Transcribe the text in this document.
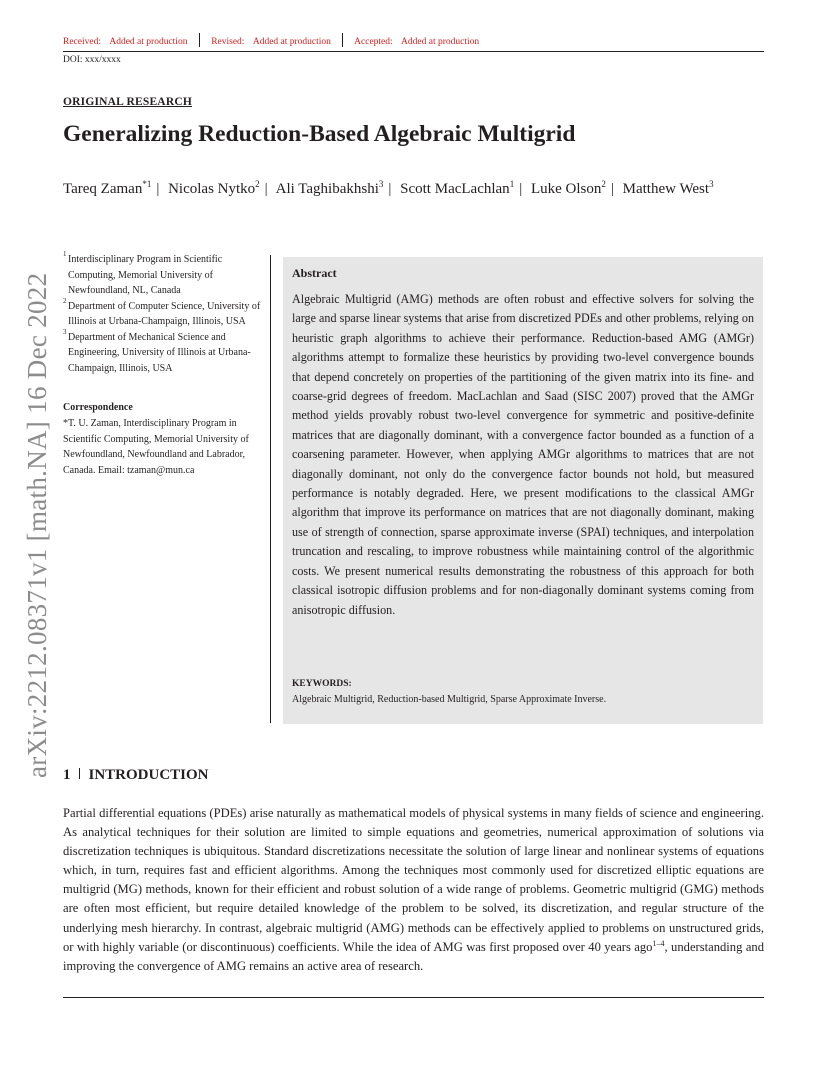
Received: Added at production	Revised: Added at production Accepted: Added at production
DOI: xxx/xxxx
ORIGINAL RESEARCH
Generalizing Reduction-Based Algebraic Multigrid
Tareq Zaman$^{*1}$ | Nicolas Nytko$^2$ | Ali Taghibakhshi$^3$ | Scott MacLachlan$^1$ | Luke Olson$^2$ | Matthew West$^3$
arXiv:2212.08371v1 [math.NA] 16 Dec 2022
1 Interdisciplinary Program in Scientific Computing, Memorial University of Newfoundland, NL, Canada
2 Department of Computer Science, University of Illinois at Urbana-Champaign, Illinois, USA
3 Department of Mechanical Science and Engineering, University of Illinois at Urbana-Champaign, Illinois, USA
Correspondence
*T. U. Zaman, Interdisciplinary Program in Scientific Computing, Memorial University of Newfoundland, Newfoundland and Labrador, Canada. Email: tzaman@mun.ca
Abstract

Algebraic Multigrid (AMG) methods are often robust and effective solvers for solving the large and sparse linear systems that arise from discretized PDEs and other problems, relying on heuristic graph algorithms to achieve their performance. Reduction-based AMG (AMGr) algorithms attempt to formalize these heuristics by providing two-level convergence bounds that depend concretely on properties of the partitioning of the given matrix into its fine- and coarse-grid degrees of freedom. MacLachlan and Saad (SISC 2007) proved that the AMGr method yields provably robust two-level convergence for symmetric and positive-definite matrices that are diagonally dominant, with a convergence factor bounded as a function of a coarsening parameter. However, when applying AMGr algorithms to matrices that are not diagonally dominant, not only do the convergence factor bounds not hold, but measured performance is notably degraded. Here, we present modifications to the classical AMGr algorithm that improve its performance on matrices that are not diagonally dominant, making use of strength of connection, sparse approximate inverse (SPAI) techniques, and interpolation truncation and rescaling, to improve robustness while maintaining control of the algorithmic costs. We present numerical results demonstrating the robustness of this approach for both classical isotropic diffusion problems and for non-diagonally dominant systems coming from anisotropic diffusion.

KEYWORDS:
Algebraic Multigrid, Reduction-based Multigrid, Sparse Approximate Inverse.
1 INTRODUCTION

Partial differential equations (PDEs) arise naturally as mathematical models of physical systems in many fields of science and engineering. As analytical techniques for their solution are limited to simple equations and geometries, numerical approximation of solutions via discretization techniques is ubiquitous. Standard discretizations necessitate the solution of large linear and nonlinear systems of equations which, in turn, requires fast and efficient algorithms. Among the techniques most commonly used for discretized elliptic equations are multigrid (MG) methods, known for their efficient and robust solution of a wide range of problems. Geometric multigrid (GMG) methods are often most efficient, but require detailed knowledge of the problem to be solved, its discretization, and regular structure of the underlying mesh hierarchy. In contrast, algebraic multigrid (AMG) methods can be effectively applied to problems on unstructured grids, or with highly variable (or discontinuous) coefficients. While the idea of AMG was first proposed over 40 years ago$^{1-4}$, understanding and improving the convergence of AMG remains an active area of research.
